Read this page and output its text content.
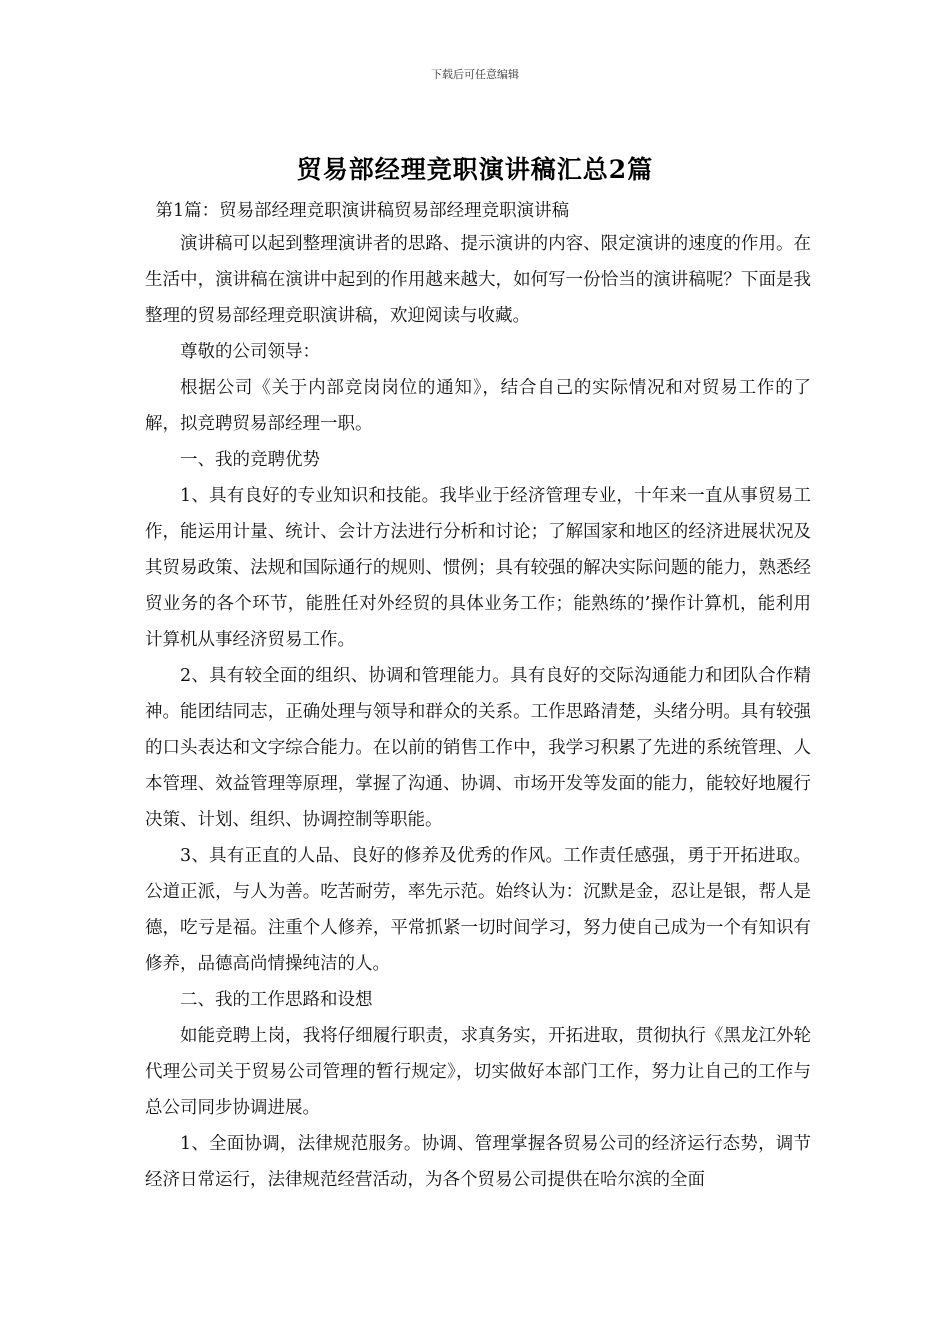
下载后可任意编辑
贸易部经理竞职演讲稿汇总2篇

第1篇：贸易部经理竞职演讲稿贸易部经理竞职演讲稿

演讲稿可以起到整理演讲者的思路、提示演讲的内容、限定演讲的速度的作用。在生活中，演讲稿在演讲中起到的作用越来越大，如何写一份恰当的演讲稿呢？下面是我整理的贸易部经理竞职演讲稿，欢迎阅读与收藏。

尊敬的公司领导：

根据公司《关于内部竞岗岗位的通知》，结合自己的实际情况和对贸易工作的了解，拟竞聘贸易部经理一职。

一、我的竞聘优势

1、具有良好的专业知识和技能。我毕业于经济管理专业，十年来一直从事贸易工作，能运用计量、统计、会计方法进行分析和讨论；了解国家和地区的经济进展状况及其贸易政策、法规和国际通行的规则、惯例；具有较强的解决实际问题的能力，熟悉经贸业务的各个环节，能胜任对外经贸的具体业务工作；能熟练的’操作计算机，能利用计算机从事经济贸易工作。

2、具有较全面的组织、协调和管理能力。具有良好的交际沟通能力和团队合作精神。能团结同志，正确处理与领导和群众的关系。工作思路清楚，头绪分明。具有较强的口头表达和文字综合能力。在以前的销售工作中，我学习积累了先进的系统管理、人本管理、效益管理等原理，掌握了沟通、协调、市场开发等发面的能力，能较好地履行决策、计划、组织、协调控制等职能。

3、具有正直的人品、良好的修养及优秀的作风。工作责任感强，勇于开拓进取。公道正派，与人为善。吃苦耐劳，率先示范。始终认为：沉默是金，忍让是银，帮人是德，吃亏是福。注重个人修养，平常抓紧一切时间学习，努力使自己成为一个有知识有修养，品德高尚情操纯洁的人。

二、我的工作思路和设想

如能竞聘上岗，我将仔细履行职责，求真务实，开拓进取，贯彻执行《黑龙江外轮代理公司关于贸易公司管理的暂行规定》，切实做好本部门工作，努力让自己的工作与总公司同步协调进展。

1、全面协调，法律规范服务。协调、管理掌握各贸易公司的经济运行态势，调节经济日常运行，法律规范经营活动，为各个贸易公司提供在哈尔滨的全面
